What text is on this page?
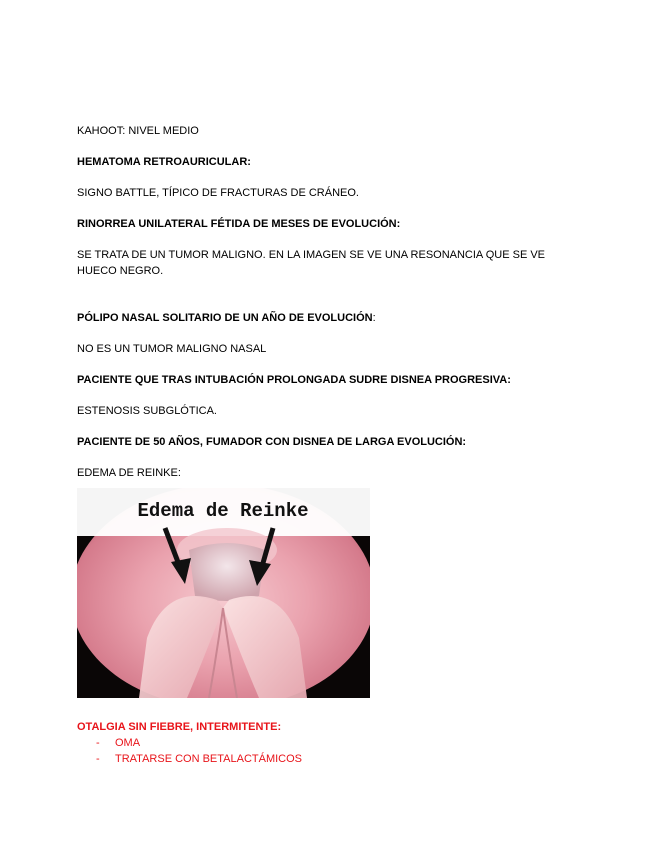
KAHOOT: NIVEL MEDIO
HEMATOMA RETROAURICULAR:
SIGNO BATTLE, TÍPICO DE FRACTURAS DE CRÁNEO.
RINORREA UNILATERAL FÉTIDA DE MESES DE EVOLUCIÓN:
SE TRATA DE UN TUMOR MALIGNO. EN LA IMAGEN SE VE UNA RESONANCIA QUE SE VE HUECO NEGRO.
PÓLIPO NASAL SOLITARIO DE UN AÑO DE EVOLUCIÓN:
NO ES UN TUMOR MALIGNO NASAL
PACIENTE QUE TRAS INTUBACIÓN PROLONGADA SUDRE DISNEA PROGRESIVA:
ESTENOSIS SUBGLÓTICA.
PACIENTE DE 50 AÑOS, FUMADOR CON DISNEA DE LARGA EVOLUCIÓN:
EDEMA DE REINKE:
Edema de Reinke
OTALGIA SIN FIEBRE, INTERMITENTE:
- OMA
- TRATARSE CON BETALACTÁMICOS
